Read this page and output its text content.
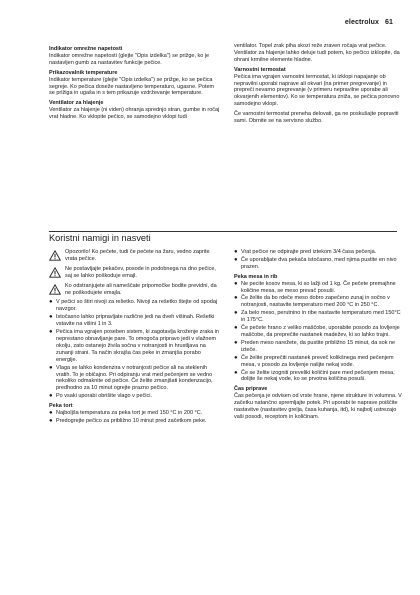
electrolux 61
Indikator omrežne napetosti
Indikator omrežne napetosti (glejte "Opis izdelka") se prižge, ko je nastavljen gumb za nastavitev funkcije pečice.
Prikazovalnik temperature
Indikator temperature (glejte "Opis izdelka") se prižge, ko se pečica segreje. Ko pečica doseže nastavljeno temperaturo, ugasne. Potem se prižiga in ugaša in s tem prikazuje vzdrževanje temperature.
Ventilator za hlajenje
Ventilator za hlajenje (ni viden) ohranja sprednjo stran, gumbe in ročaj vrat hladne. Ko vklopite pečico, se samodejno vklopi tudi
ventilator. Topel zrak piha skozi reže zraven ročaja vrat pečice. Ventilator za hlajenje lahko deluje tudi potem, ko pečico izklopite, da ohrani krmilne elemente hladne.
Varnostni termostat
Pečica ima vgrajen varnostni termostat, ki izklopi napajanje ob nepravilni uporabi naprave ali okvari (na primer pregrevanje) in prepreči nevarno pregrevanje (v primeru nepravilne uporabe ali okvarjenih elementov). Ko se temperatura zniža, se pečica ponovno samodejno vklopi.
Če varnostni termostat preneha delovati, ga ne poskušajte popraviti sami. Obrnite se na servisno službo.
Koristni namigi in nasveti
Opozorilo! Ko pečete, tudi če pečete na žaru, vedno zaprite vrata pečice.
Ne postavljajte pekačev, posode in podobnega na dno pečice, saj se lahko poškoduje emajl.
Ko odstranjujete ali nameščate pripomočke bodite previdni, da ne poškodujete emajla.
● V pečici so štiri nivoji za rešetko. Nivoji za rešetko štejte od spodaj navzgor.
● Istočasno lahko pripravljate različne jedi na dveh višinah. Rešetki vstavite na višini 1 in 3.
● Pečica ima vgrajen poseben sistem, ki zagotavlja kroženje zraka in neprestano obnavljanje pare. To omogoča pripravo jedi v vlažnem okolju, zato ostanejo živila sočna v notranjosti in hrustljava na zunanji strani. Ta način skrajša čas peke in zmanjša porabo energije.
● Vlaga se lahko kondenzira v notranjosti pečice ali na steklenih vratih. To je običajno. Pri odpiranju vrat med pečenjem se vedno nekoliko odmaknite od pečice. Če želite zmanjšati kondenzacijo, predhodno za 10 minut ogrejte prazno pečico.
● Po vsaki uporabi obrišite vlago v pečici.
Peka tort
● Najboljša temperatura za peka tort je med 150 °C in 200 °C.
● Predogrejte pečico za približno 10 minut pred začetkom peke.
● Vrat pečice ne odpirajte pred iztekom 3/4 časa pečenja.
● Če uporabljate dva pekača istočasno, med njima pustite en nivo prazen.
Peka mesa in rib
● Ne pecite kosov mesa, ki so lažji od 1 kg. Če pečete premajhne količine mesa, se meso prevač posuši.
● Če želite da bo rdeče meso dobro zapečeno zunaj in sočno v notranjosti, nastavite temperaturo med 200 °C in 250 °C.
● Za belo meso, perutnino in ribe nastavite temperaturo med 150°C in 175°C.
● Če pečete hrano z veliko maščobe, uporabite posodo za lovljenje maščobe, da preprečite nastanek madežev, ki so lahko trajni.
● Preden meso narežete, da pustite približno 15 minut, da sok ne izteče.
● Če želite preprečiti nastanek preveč kolikšnega med pečenjem mesa, v posodo za lovljenje nalijte nekaj vode.
● Če se želite izogniti preveliki količini pare med pečenjem mesa, dolijte še nekaj vode, ko se prvotna količina posuši.
Čas priprave
Čas pečenja je odvisen od vrste hrane, njene strukture in volumna. V začetku natančno spremljajte potek. Pri uporabi te naprave poiščite nastavitve (nastavitev grelja, časa kuhanja, itd), ki najbolj ustrezajo vaši posodi, receptom in količinam.
